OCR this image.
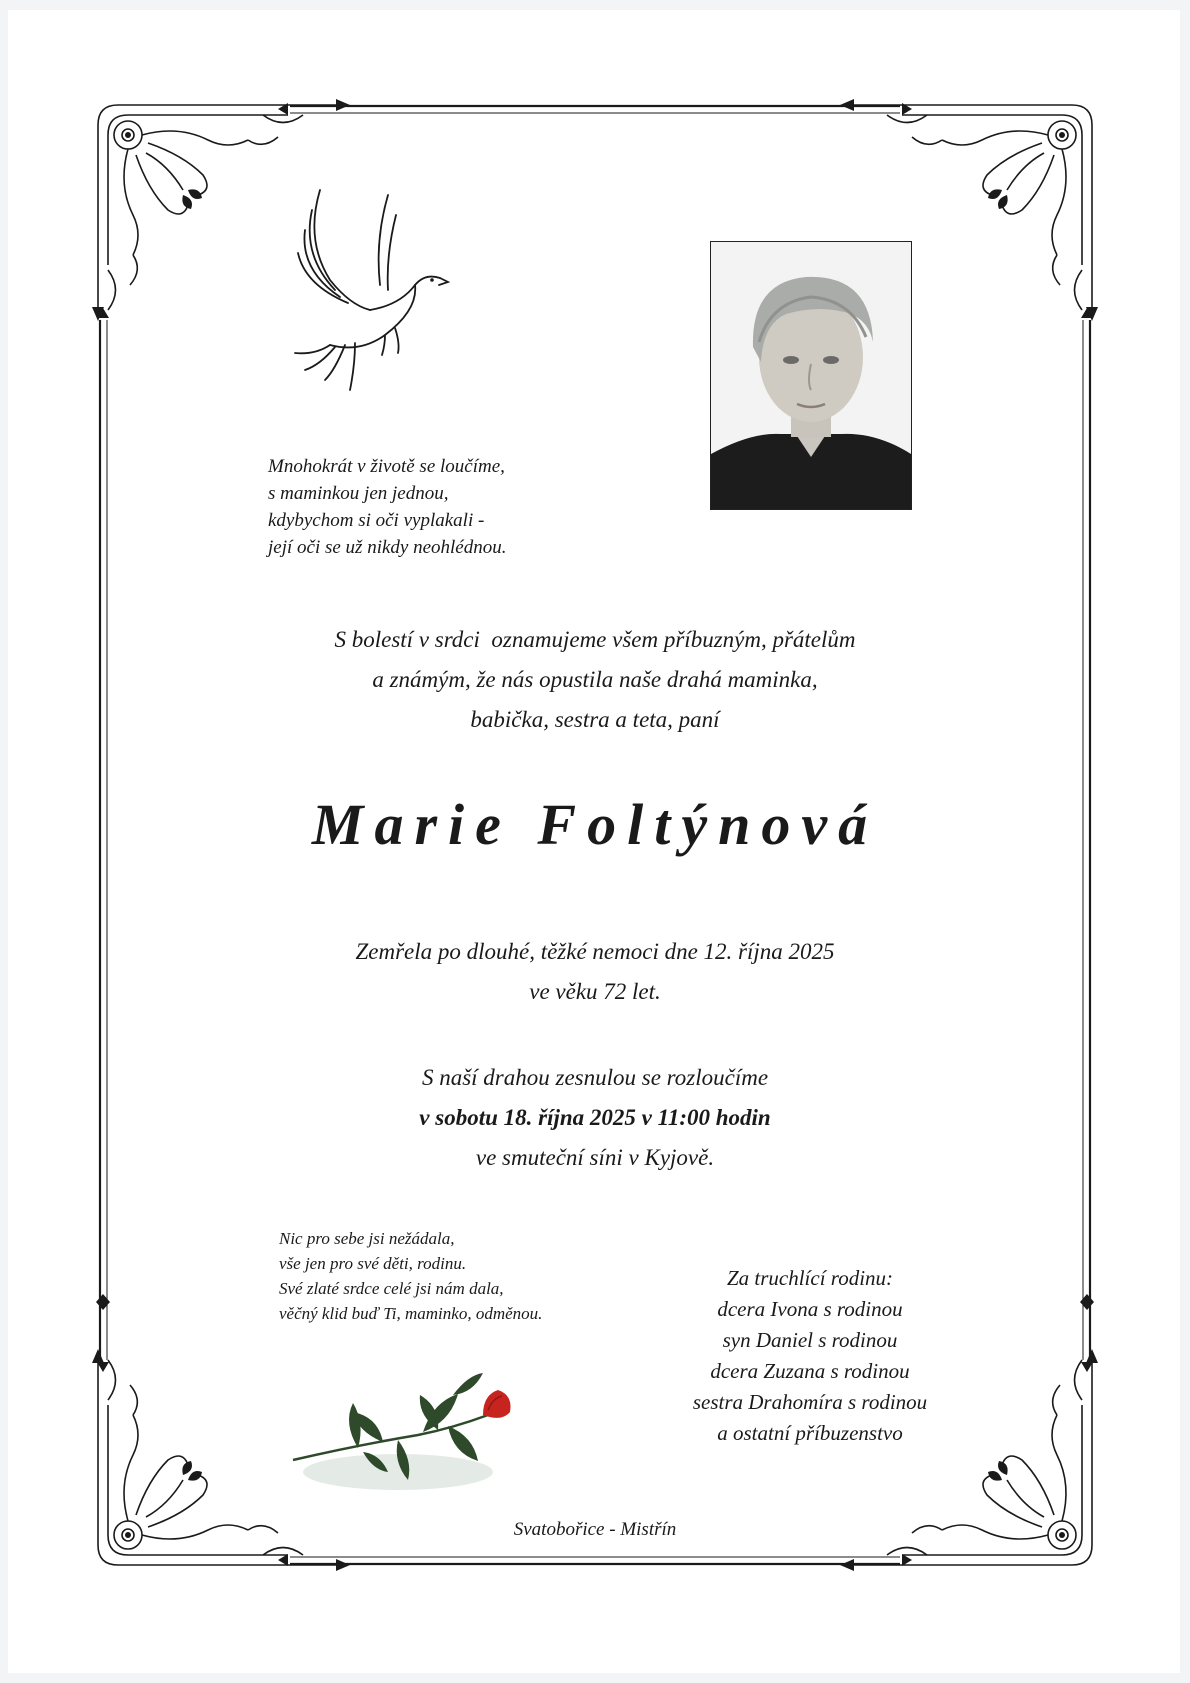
Mnohokrát v životě se loučíme,
s maminkou jen jednou,
kdybychom si oči vyplakali -
její oči se už nikdy neohlédnou.
S bolestí v srdci  oznamujeme všem příbuzným, přátelům
a známým, že nás opustila naše drahá maminka,
babička, sestra a teta, paní
Marie Foltýnová
Zemřela po dlouhé, těžké nemoci dne 12. října 2025
ve věku 72 let.
S naší drahou zesnulou se rozloučíme
v sobotu 18. října 2025 v 11:00 hodin
ve smuteční síni v Kyjově.
Nic pro sebe jsi nežádala,
vše jen pro své děti, rodinu.
Své zlaté srdce celé jsi nám dala,
věčný klid buď Ti, maminko, odměnou.
Za truchlící rodinu:
dcera Ivona s rodinou
syn Daniel s rodinou
dcera Zuzana s rodinou
sestra Drahomíra s rodinou
a ostatní příbuzenstvo
Svatobořice - Mistřín
